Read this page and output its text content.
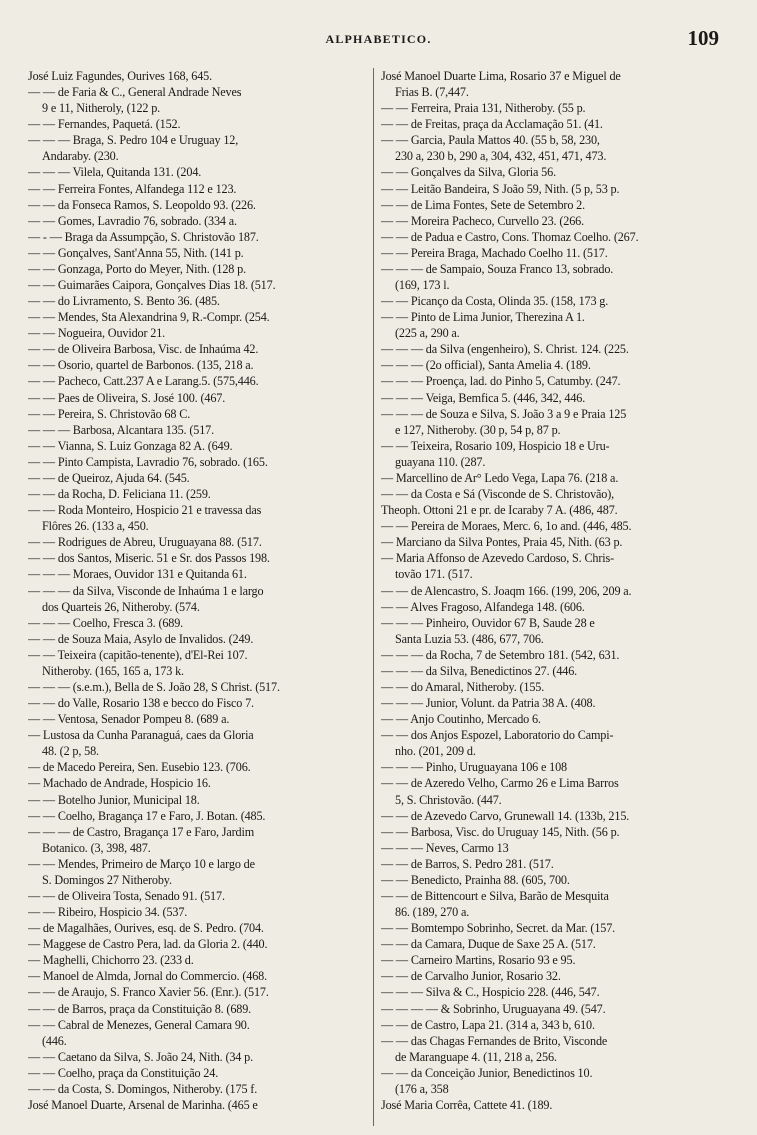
ALPHABETICO.	109
José Luiz Fagundes, Ourives 168, 645.
— — de Faria & C., General Andrade Neves
9 e 11, Nitheroly, (122 p.
— — Fernandes, Paquetá. (152.
— — — Braga, S. Pedro 104 e Uruguay 12,
Andaraby. (230.
— — — Vilela, Quitanda 131. (204.
— — Ferreira Fontes, Alfandega 112 e 123.
— — da Fonseca Ramos, S. Leopoldo 93. (226.
— — Gomes, Lavradio 76, sobrado. (334 a.
— - — Braga da Assumpção, S. Christovão 187.
— — Gonçalves, Sant'Anna 55, Nith. (141 p.
— — Gonzaga, Porto do Meyer, Nith. (128 p.
— — Guimarães Caipora, Gonçalves Dias 18. (517.
— — do Livramento, S. Bento 36. (485.
— — Mendes, Sta Alexandrina 9, R.-Compr. (254.
— — Nogueira, Ouvidor 21.
— — de Oliveira Barbosa, Visc. de Inhaúma 42.
— — Osorio, quartel de Barbonos. (135, 218 a.
— — Pacheco, Catt.237 A e Larang.5. (575,446.
— — Paes de Oliveira, S. José 100. (467.
— — Pereira, S. Christovão 68 C.
— — — Barbosa, Alcantara 135. (517.
— — Vianna, S. Luiz Gonzaga 82 A. (649.
— — Pinto Campista, Lavradio 76, sobrado. (165.
— — de Queiroz, Ajuda 64. (545.
— — da Rocha, D. Feliciana 11. (259.
— — Roda Monteiro, Hospicio 21 e travessa das
Flôres 26. (133 a, 450.
— — Rodrigues de Abreu, Uruguayana 88. (517.
— — dos Santos, Miseric. 51 e Sr. dos Passos 198.
— — — Moraes, Ouvidor 131 e Quitanda 61.
— — — da Silva, Visconde de Inhaúma 1 e largo
dos Quarteis 26, Nitheroby. (574.
— — — Coelho, Fresca 3. (689.
— — de Souza Maia, Asylo de Invalidos. (249.
— — Teixeira (capitão-tenente), d'El-Rei 107.
Nitheroby. (165, 165 a, 173 k.
— — — (s.e.m.), Bella de S. João 28, S Christ. (517.
— — do Valle, Rosario 138 e becco do Fisco 7.
— — Ventosa, Senador Pompeu 8. (689 a.
— Lustosa da Cunha Paranaguá, caes da Gloria
48. (2 p, 58.
— de Macedo Pereira, Sen. Eusebio 123. (706.
— Machado de Andrade, Hospicio 16.
— — Botelho Junior, Municipal 18.
— — Coelho, Bragança 17 e Faro, J. Botan. (485.
— — — de Castro, Bragança 17 e Faro, Jardim
Botanico. (3, 398, 487.
— — Mendes, Primeiro de Março 10 e largo de
S. Domingos 27 Nitheroby.
— — de Oliveira Tosta, Senado 91. (517.
— — Ribeiro, Hospicio 34. (537.
— de Magalhães, Ourives, esq. de S. Pedro. (704.
— Maggese de Castro Pera, lad. da Gloria 2. (440.
— Maghelli, Chichorro 23. (233 d.
— Manoel de Almda, Jornal do Commercio. (468.
— — de Araujo, S. Franco Xavier 56. (Enr.). (517.
— — de Barros, praça da Constituição 8. (689.
— — Cabral de Menezes, General Camara 90.
(446.
— — Caetano da Silva, S. João 24, Nith. (34 p.
— — Coelho, praça da Constituição 24.
— — da Costa, S. Domingos, Nitheroby. (175 f.
José Manoel Duarte, Arsenal de Marinha. (465 e
José Manoel Duarte Lima, Rosario 37 e Miguel de
Frias B. (7,447.
— — Ferreira, Praia 131, Nitheroby. (55 p.
— — de Freitas, praça da Acclamação 51. (41.
— — Garcia, Paula Mattos 40. (55 b, 58, 230,
230 a, 230 b, 290 a, 304, 432, 451, 471, 473.
— — Gonçalves da Silva, Gloria 56.
— — Leitão Bandeira, S João 59, Nith. (5 p, 53 p.
— — de Lima Fontes, Sete de Setembro 2.
— — Moreira Pacheco, Curvello 23. (266.
— — de Padua e Castro, Cons. Thomaz Coelho. (267.
— — Pereira Braga, Machado Coelho 11. (517.
— — — de Sampaio, Souza Franco 13, sobrado.
(169, 173 l.
— — Picanço da Costa, Olinda 35. (158, 173 g.
— — Pinto de Lima Junior, Therezina A 1.
(225 a, 290 a.
— — — da Silva (engenheiro), S. Christ. 124. (225.
— — — (2o official), Santa Amelia 4. (189.
— — — Proença, lad. do Pinho 5, Catumby. (247.
— — — Veiga, Bemfica 5. (446, 342, 446.
— — — de Souza e Silva, S. João 3 a 9 e Praia 125
e 127, Nitheroby. (30 p, 54 p, 87 p.
— — Teixeira, Rosario 109, Hospicio 18 e Uru-
guayana 110. (287.
— Marcellino de Ar° Ledo Vega, Lapa 76. (218 a.
— — da Costa e Sá (Visconde de S. Christovão),
Theoph. Ottoni 21 e pr. de Icaraby 7 A. (486, 487.
— — Pereira de Moraes, Merc. 6, 1o and. (446, 485.
— Marciano da Silva Pontes, Praia 45, Nith. (63 p.
— Maria Affonso de Azevedo Cardoso, S. Chris-
tovão 171. (517.
— — de Alencastro, S. Joaqm 166. (199, 206, 209 a.
— — Alves Fragoso, Alfandega 148. (606.
— — — Pinheiro, Ouvidor 67 B, Saude 28 e
Santa Luzia 53. (486, 677, 706.
— — — da Rocha, 7 de Setembro 181. (542, 631.
— — — da Silva, Benedictinos 27. (446.
— — do Amaral, Nitheroby. (155.
— — — Junior, Volunt. da Patria 38 A. (408.
— — Anjo Coutinho, Mercado 6.
— — dos Anjos Espozel, Laboratorio do Campi-
nho. (201, 209 d.
— — — Pinho, Uruguayana 106 e 108
— — de Azeredo Velho, Carmo 26 e Lima Barros
5, S. Christovão. (447.
— — de Azevedo Carvo, Grunewall 14. (133b, 215.
— — Barbosa, Visc. do Uruguay 145, Nith. (56 p.
— — — Neves, Carmo 13
— — de Barros, S. Pedro 281. (517.
— — Benedicto, Prainha 88. (605, 700.
— — de Bittencourt e Silva, Barão de Mesquita
86. (189, 270 a.
— — Bomtempo Sobrinho, Secret. da Mar. (157.
— — da Camara, Duque de Saxe 25 A. (517.
— — Carneiro Martins, Rosario 93 e 95.
— — de Carvalho Junior, Rosario 32.
— — — Silva & C., Hospicio 228. (446, 547.
— — — — & Sobrinho, Uruguayana 49. (547.
— — de Castro, Lapa 21. (314 a, 343 b, 610.
— — das Chagas Fernandes de Brito, Visconde
de Maranguape 4. (11, 218 a, 256.
— — da Conceição Junior, Benedictinos 10.
(176 a, 358
José Maria Corrêa, Cattete 41. (189.
